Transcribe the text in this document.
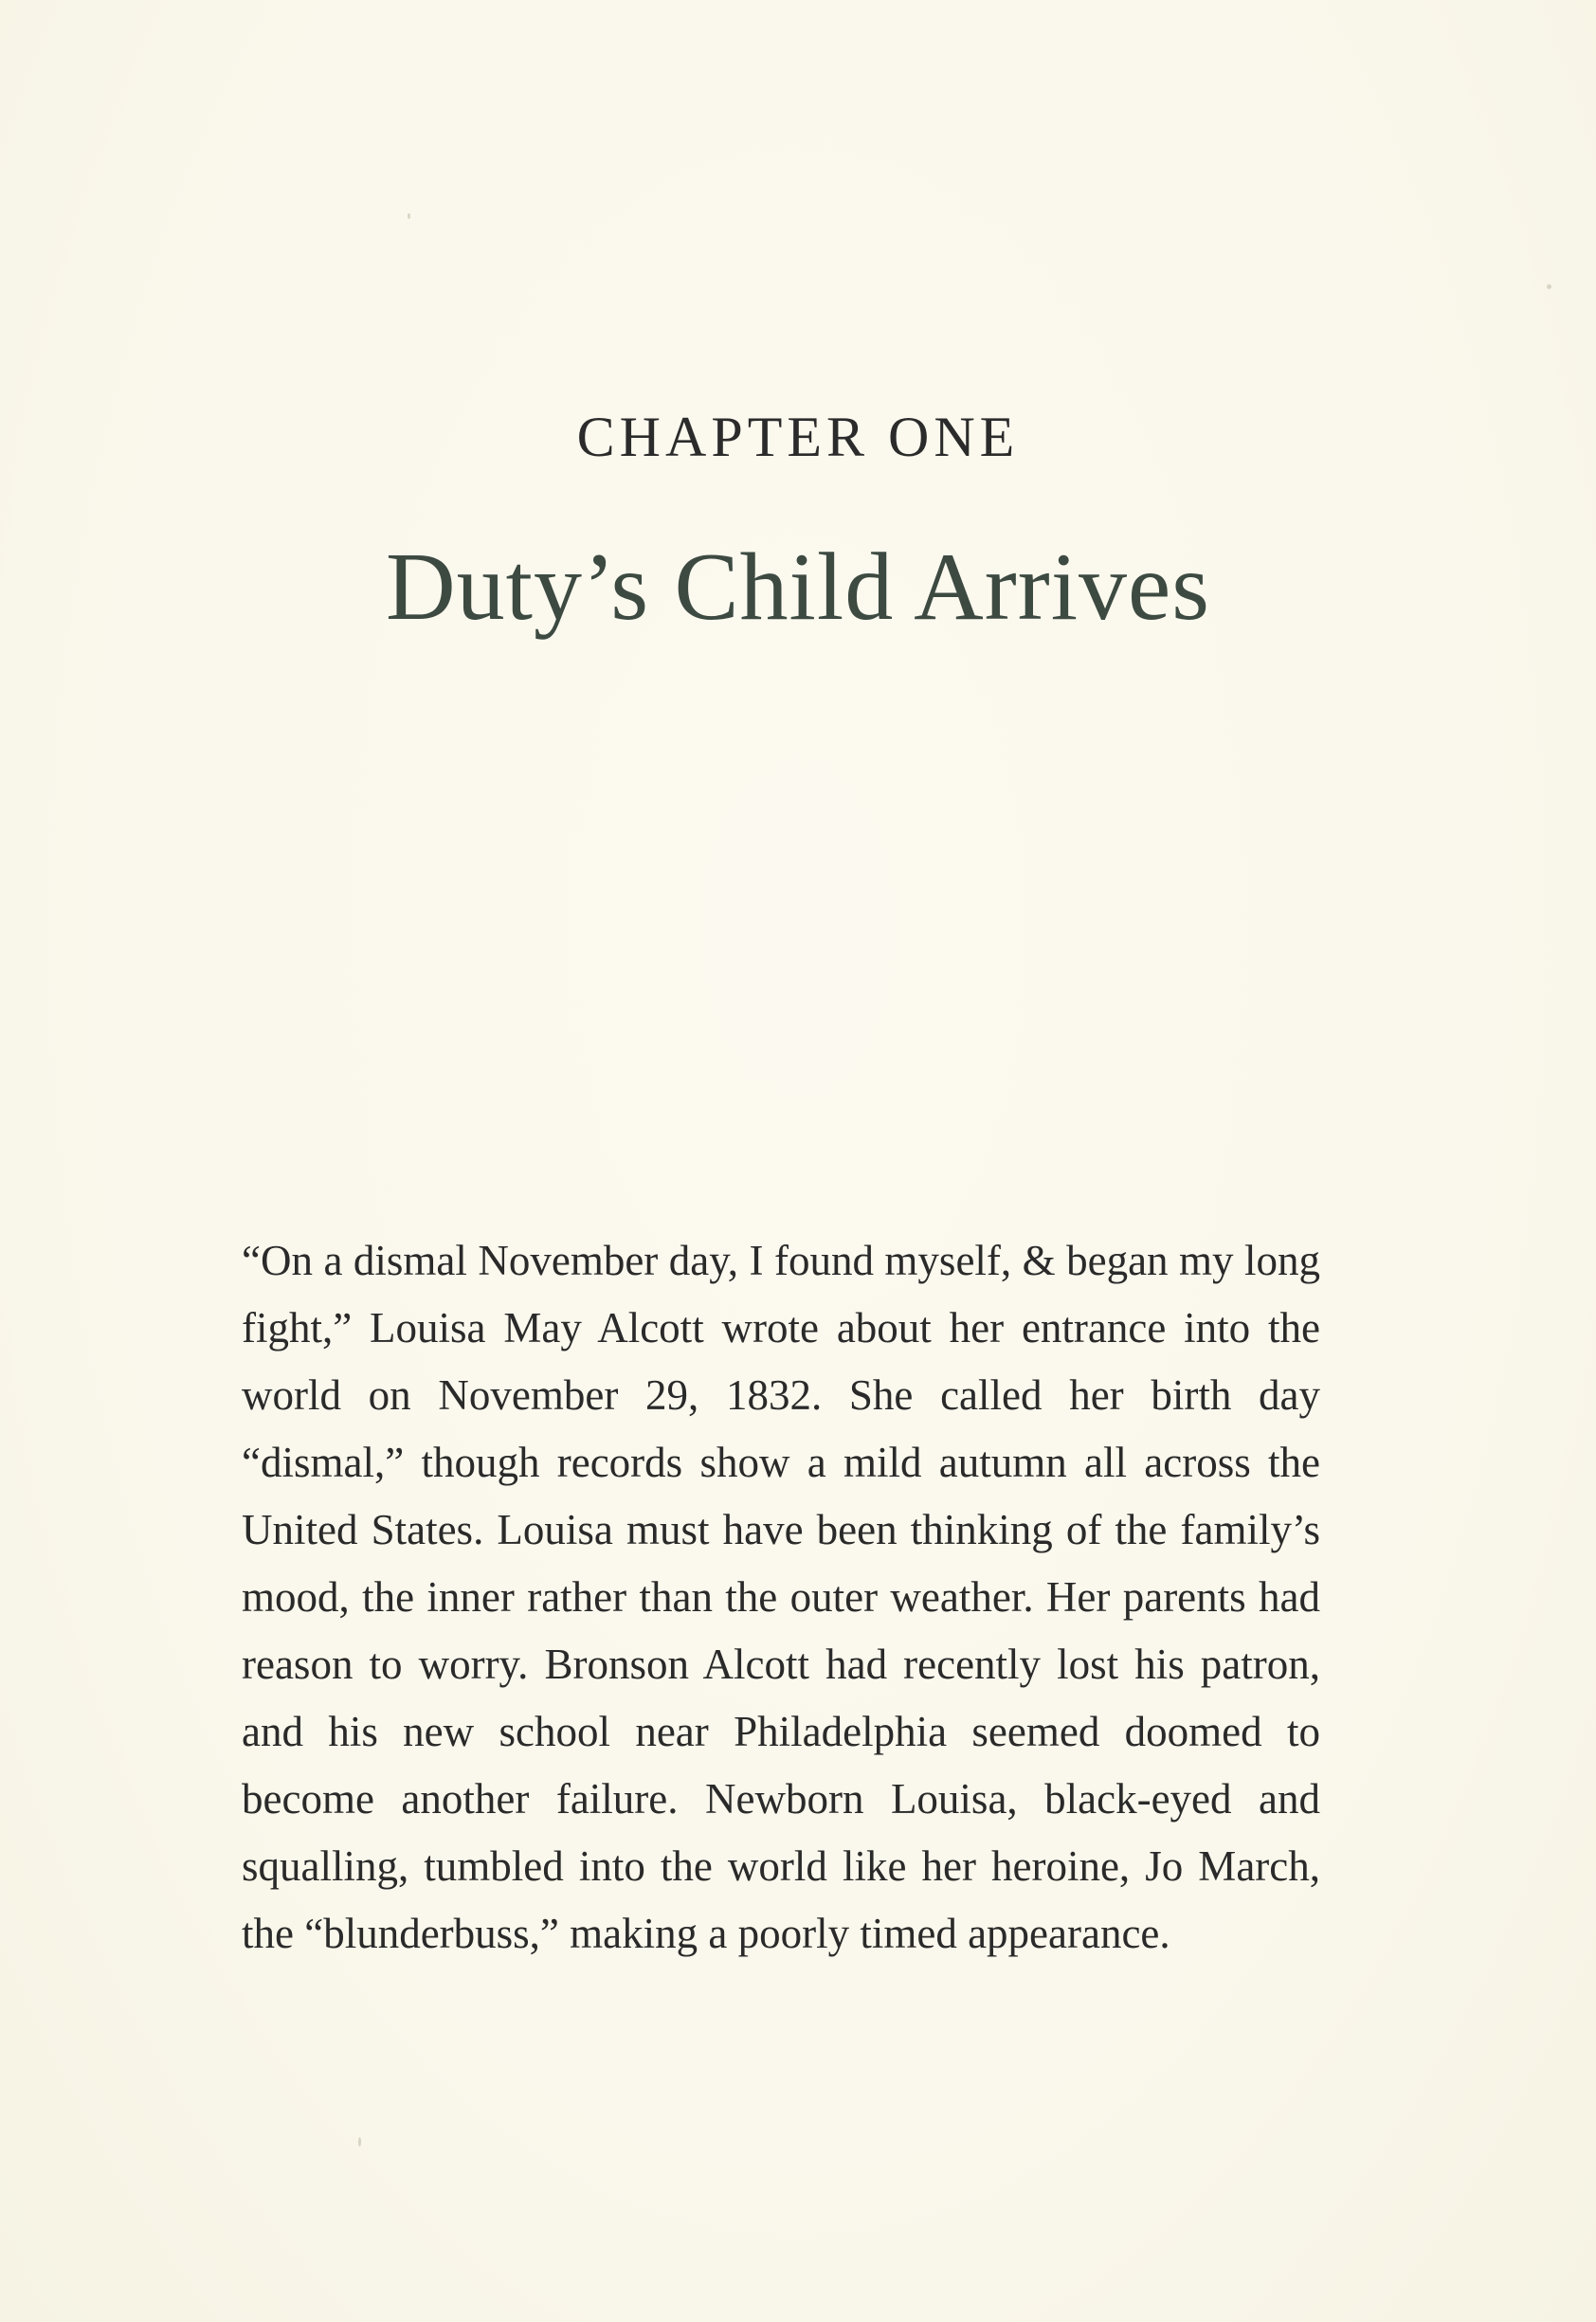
CHAPTER ONE
Duty’s Child Arrives

“On a dismal November day, I found myself, & began my long fight,” Louisa May Alcott wrote about her entrance into the world on November 29, 1832. She called her birth day “dismal,” though records show a mild autumn all across the United States. Louisa must have been thinking of the family’s mood, the inner rather than the outer weather. Her parents had reason to worry. Bronson Alcott had recently lost his patron, and his new school near Philadelphia seemed doomed to become another failure. Newborn Louisa, black-eyed and squalling, tumbled into the world like her heroine, Jo March, the “blunderbuss,” making a poorly timed appearance.
